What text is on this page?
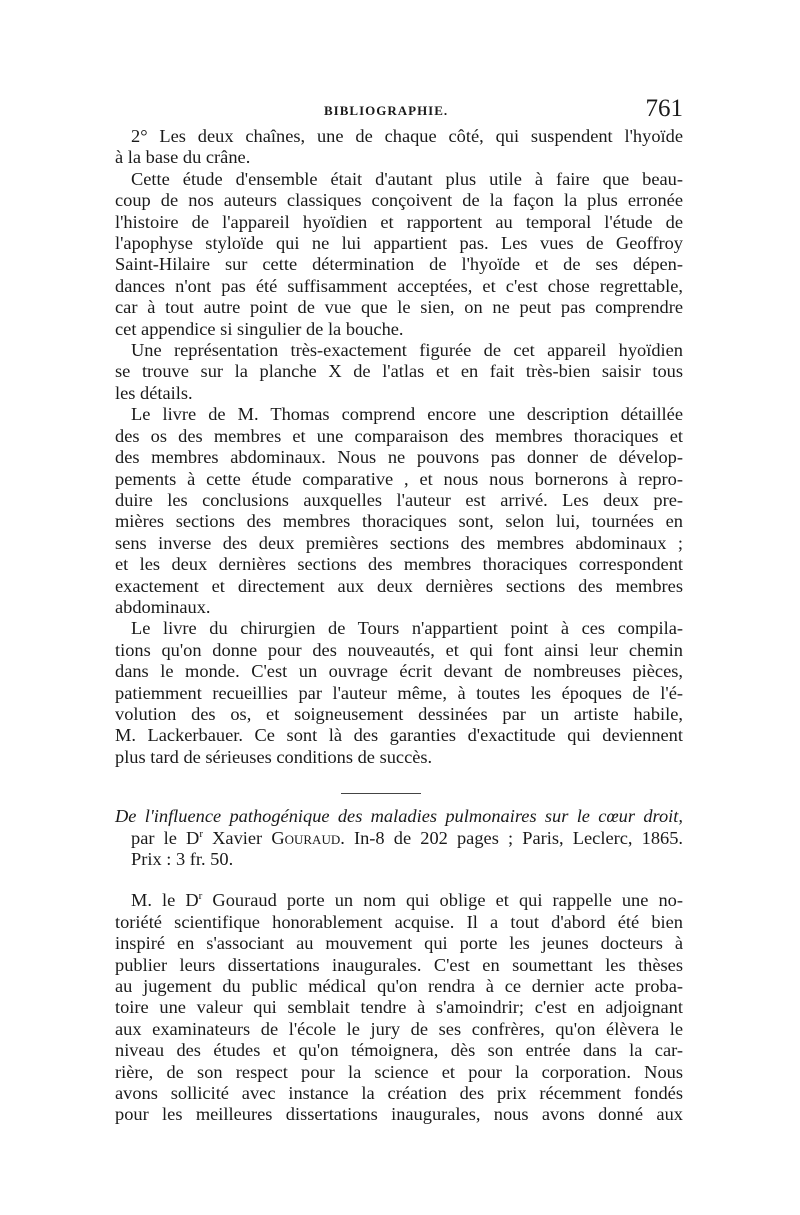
BIBLIOGRAPHIE.	761

2° Les deux chaînes, une de chaque côté, qui suspendent l'hyoïde
à la base du crâne.

Cette étude d'ensemble était d'autant plus utile à faire que beau-
coup de nos auteurs classiques conçoivent de la façon la plus erronée
l'histoire de l'appareil hyoïdien et rapportent au temporal l'étude de
l'apophyse styloïde qui ne lui appartient pas. Les vues de Geoffroy
Saint-Hilaire sur cette détermination de l'hyoïde et de ses dépen-
dances n'ont pas été suffisamment acceptées, et c'est chose regrettable,
car à tout autre point de vue que le sien, on ne peut pas comprendre
cet appendice si singulier de la bouche.

Une représentation très-exactement figurée de cet appareil hyoïdien
se trouve sur la planche X de l'atlas et en fait très-bien saisir tous
les détails.

Le livre de M. Thomas comprend encore une description détaillée
des os des membres et une comparaison des membres thoraciques et
des membres abdominaux. Nous ne pouvons pas donner de dévelop-
pements à cette étude comparative , et nous nous bornerons à repro-
duire les conclusions auxquelles l'auteur est arrivé. Les deux pre-
mières sections des membres thoraciques sont, selon lui, tournées en
sens inverse des deux premières sections des membres abdominaux ;
et les deux dernières sections des membres thoraciques correspondent
exactement et directement aux deux dernières sections des membres
abdominaux.

Le livre du chirurgien de Tours n'appartient point à ces compila-
tions qu'on donne pour des nouveautés, et qui font ainsi leur chemin
dans le monde. C'est un ouvrage écrit devant de nombreuses pièces,
patiemment recueillies par l'auteur même, à toutes les époques de l'é-
volution des os, et soigneusement dessinées par un artiste habile,
M. Lackerbauer. Ce sont là des garanties d'exactitude qui deviennent
plus tard de sérieuses conditions de succès.

De l'influence pathogénique des maladies pulmonaires sur le cœur droit,
par le $D^r$ Xavier Gouraud. In-8 de 202 pages ; Paris, Leclerc, 1865.
Prix : 3 fr. 50.

M. le $D^r$ Gouraud porte un nom qui oblige et qui rappelle une no-
toriété scientifique honorablement acquise. Il a tout d'abord été bien
inspiré en s'associant au mouvement qui porte les jeunes docteurs à
publier leurs dissertations inaugurales. C'est en soumettant les thèses
au jugement du public médical qu'on rendra à ce dernier acte proba-
toire une valeur qui semblait tendre à s'amoindrir; c'est en adjoignant
aux examinateurs de l'école le jury de ses confrères, qu'on élèvera le
niveau des études et qu'on témoignera, dès son entrée dans la car-
rière, de son respect pour la science et pour la corporation. Nous
avons sollicité avec instance la création des prix récemment fondés
pour les meilleures dissertations inaugurales, nous avons donné aux
